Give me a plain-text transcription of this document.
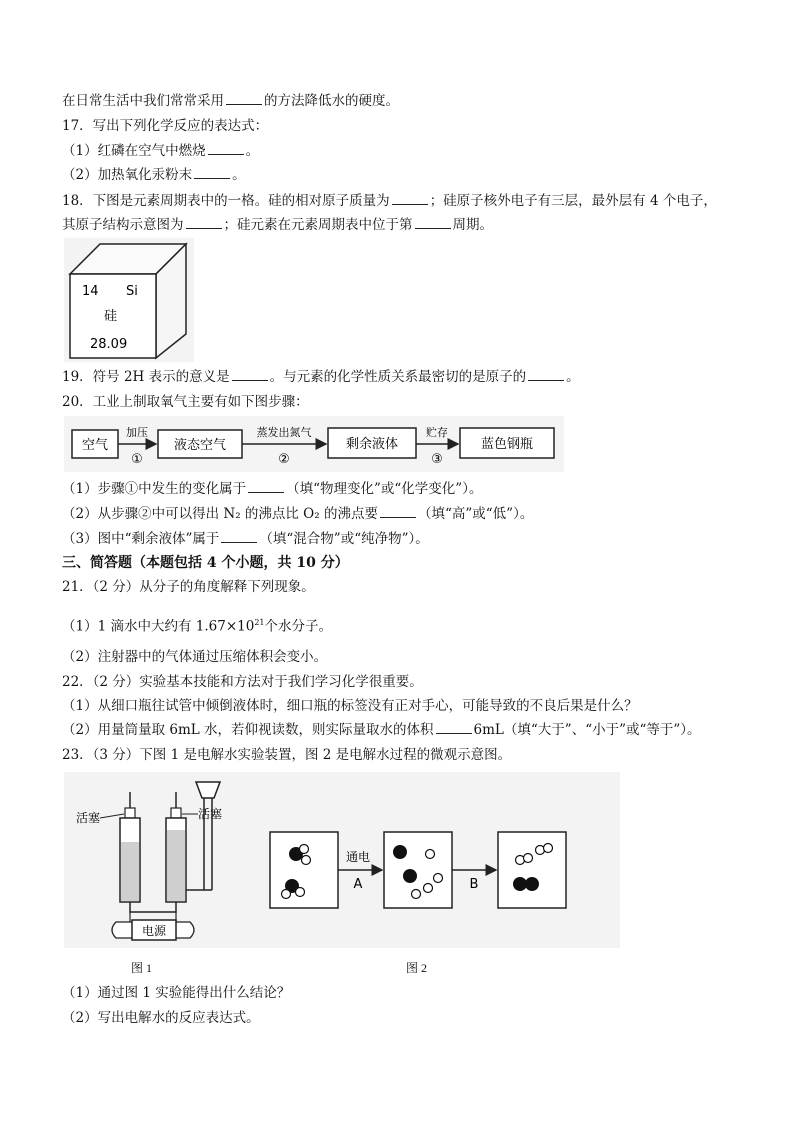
在日常生活中我们常常采用	的方法降低水的硬度。
17．写出下列化学反应的表达式：
（1）红磷在空气中燃烧	。
（2）加热氧化汞粉末	。
18．下图是元素周期表中的一格。硅的相对原子质量为	；硅原子核外电子有三层，最外层有 4 个电子，
其原子结构示意图为	；硅元素在元素周期表中位于第	周期。
14 Si
硅
28.09
19．符号 2H 表示的意义是	。与元素的化学性质关系最密切的是原子的	。
20．工业上制取氧气主要有如下图步骤：
空气
加压
①
液态空气
蒸发出氮气
②
剩余液体
贮存
③
蓝色钢瓶
（1）步骤①中发生的变化属于	（填“物理变化”或“化学变化”）。
（2）从步骤②中可以得出 N₂ 的沸点比 O₂ 的沸点要	（填“高”或“低”）。
（3）图中“剩余液体”属于	（填“混合物”或“纯净物”）。
三、简答题（本题包括 4 个小题，共 10 分）
21．（2 分）从分子的角度解释下列现象。
（1）1 滴水中大约有 $1.67\times 10^{21}$个水分子。
（2）注射器中的气体通过压缩体积会变小。
22．（2 分）实验基本技能和方法对于我们学习化学很重要。
（1）从细口瓶往试管中倾倒液体时，细口瓶的标签没有正对手心，可能导致的不良后果是什么？
（2）用量筒量取 6mL 水，若仰视读数，则实际量取水的体积	6mL（填“大于”、“小于”或“等于”）。
23．（3 分）下图 1 是电解水实验装置，图 2 是电解水过程的微观示意图。
电源
活塞	活塞
通电
A	B
图 1	图 2
（1）通过图 1 实验能得出什么结论？
（2）写出电解水的反应表达式。
